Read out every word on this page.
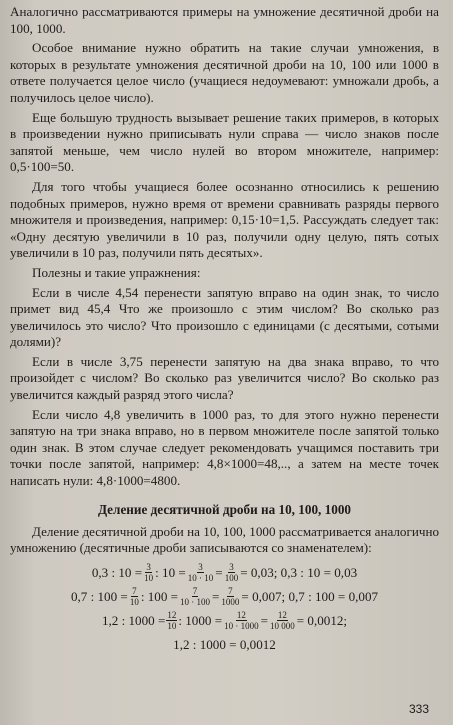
Аналогично рассматриваются примеры на умножение десятичной дроби на 100, 1000.

Особое внимание нужно обратить на такие случаи умножения, в которых в результате умножения десятичной дроби на 10, 100 или 1000 в ответе получается целое число (учащиеся недоумевают: умножали дробь, а получилось целое число).

Еще большую трудность вызывает решение таких примеров, в которых в произведении нужно приписывать нули справа — число знаков после запятой меньше, чем число нулей во втором множителе, например: 0,5·100=50.

Для того чтобы учащиеся более осознанно относились к решению подобных примеров, нужно время от времени сравнивать разряды первого множителя и произведения, например: 0,15·10=1,5. Рассуждать следует так: «Одну десятую увеличили в 10 раз, получили одну целую, пять сотых увеличили в 10 раз, получили пять десятых».

Полезны и такие упражнения:

Если в числе 4,54 перенести запятую вправо на один знак, то число примет вид 45,4 Что же произошло с этим числом? Во сколько раз увеличилось это число? Что произошло с единицами (с десятыми, сотыми долями)?

Если в числе 3,75 перенести запятую на два знака вправо, то что произойдет с числом? Во сколько раз увеличится число? Во сколько раз увеличится каждый разряд этого числа?

Если число 4,8 увеличить в 1000 раз, то для этого нужно перенести запятую на три знака вправо, но в первом множителе после запятой только один знак. В этом случае следует рекомендовать учащимся поставить три точки после запятой, например: 4,8×1000=48,.., а затем на месте точек написать нули: 4,8·1000=4800.

Деление десятичной дроби на 10, 100, 1000

Деление десятичной дроби на 10, 100, 1000 рассматривается аналогично умножению (десятичные дроби записываются со знаменателем):

0,3 : $10 = \frac{3}{10}$ : $10 = \frac{3}{10 \cdot 10} = \frac{3}{100} = 0,03$; 0,3 : 10 = 0,03
0,7 : $100 = \frac{7}{10}$ : $100 = \frac{7}{10 \cdot 100} = \frac{7}{1000} = 0,007$; 0,7 : 100 = 0,007
1,2 : $1000 = \frac{12}{10}$ : $1000 = \frac{12}{10 \cdot 1000} = \frac{12}{10 000} = 0,0012$;
1,2 : 1000 = 0,0012
333
